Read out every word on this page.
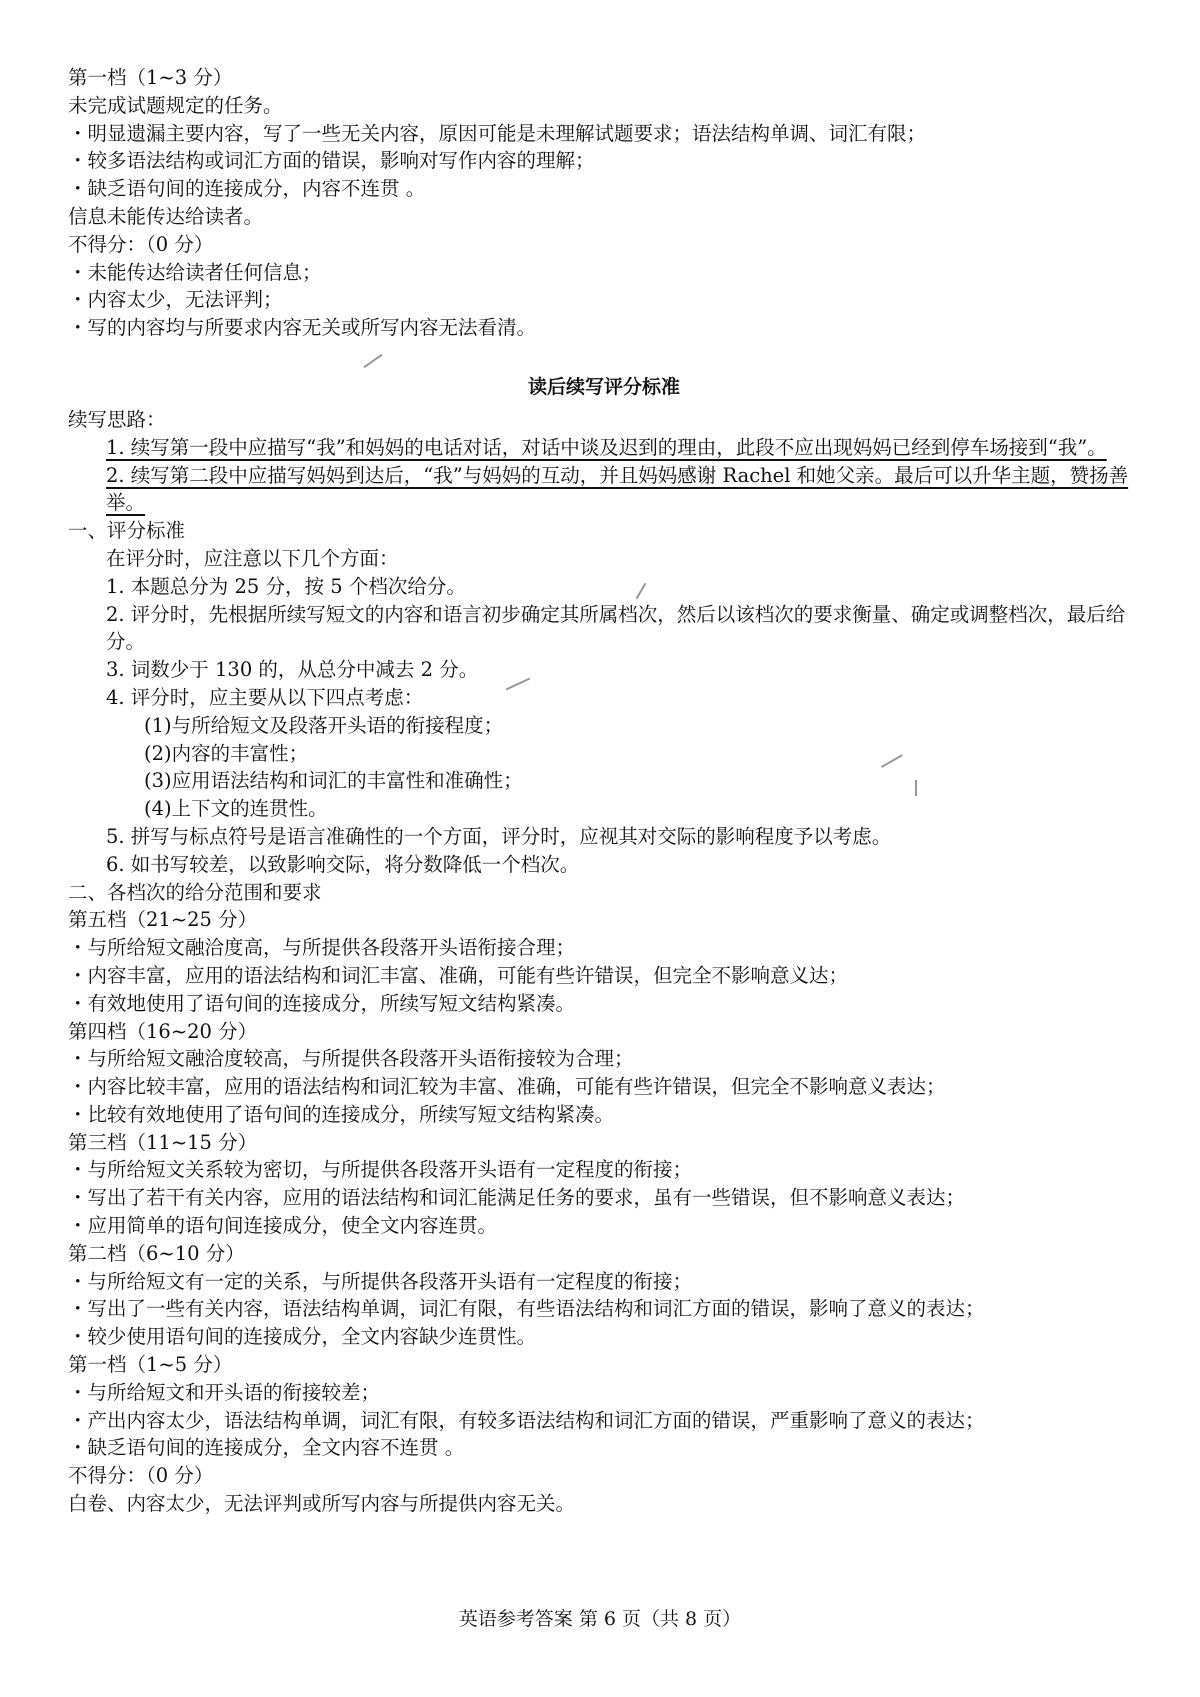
第一档（1~3 分）
未完成试题规定的任务。
・明显遗漏主要内容，写了一些无关内容，原因可能是未理解试题要求；语法结构单调、词汇有限；
・较多语法结构或词汇方面的错误，影响对写作内容的理解；
・缺乏语句间的连接成分，内容不连贯 。
信息未能传达给读者。
不得分：（0 分）
・未能传达给读者任何信息；
・内容太少，无法评判；
・写的内容均与所要求内容无关或所写内容无法看清。
读后续写评分标准
续写思路：
1. 续写第一段中应描写“我”和妈妈的电话对话，对话中谈及迟到的理由，此段不应出现妈妈已经到停车场接到“我”。
2. 续写第二段中应描写妈妈到达后，“我”与妈妈的互动，并且妈妈感谢 Rachel 和她父亲。最后可以升华主题，赞扬善举。
一、评分标准
在评分时，应注意以下几个方面：
1. 本题总分为 25 分，按 5 个档次给分。
2. 评分时，先根据所续写短文的内容和语言初步确定其所属档次，然后以该档次的要求衡量、确定或调整档次，最后给分。
3. 词数少于 130 的，从总分中减去 2 分。
4. 评分时，应主要从以下四点考虑：
(1)与所给短文及段落开头语的衔接程度；
(2)内容的丰富性；
(3)应用语法结构和词汇的丰富性和准确性；
(4)上下文的连贯性。
5. 拼写与标点符号是语言准确性的一个方面，评分时，应视其对交际的影响程度予以考虑。
6. 如书写较差，以致影响交际，将分数降低一个档次。
二、各档次的给分范围和要求
第五档（21~25 分）
・与所给短文融洽度高，与所提供各段落开头语衔接合理；
・内容丰富，应用的语法结构和词汇丰富、准确，可能有些许错误，但完全不影响意义达；
・有效地使用了语句间的连接成分，所续写短文结构紧凑。
第四档（16~20 分）
・与所给短文融洽度较高，与所提供各段落开头语衔接较为合理；
・内容比较丰富，应用的语法结构和词汇较为丰富、准确，可能有些许错误，但完全不影响意义表达；
・比较有效地使用了语句间的连接成分，所续写短文结构紧凑。
第三档（11~15 分）
・与所给短文关系较为密切，与所提供各段落开头语有一定程度的衔接；
・写出了若干有关内容，应用的语法结构和词汇能满足任务的要求，虽有一些错误，但不影响意义表达；
・应用简单的语句间连接成分，使全文内容连贯。
第二档（6~10 分）
・与所给短文有一定的关系，与所提供各段落开头语有一定程度的衔接；
・写出了一些有关内容，语法结构单调，词汇有限，有些语法结构和词汇方面的错误，影响了意义的表达；
・较少使用语句间的连接成分，全文内容缺少连贯性。
第一档（1~5 分）
・与所给短文和开头语的衔接较差；
・产出内容太少，语法结构单调，词汇有限，有较多语法结构和词汇方面的错误，严重影响了意义的表达；
・缺乏语句间的连接成分，全文内容不连贯 。
不得分：（0 分）
白卷、内容太少，无法评判或所写内容与所提供内容无关。
英语参考答案 第 6 页（共 8 页）
